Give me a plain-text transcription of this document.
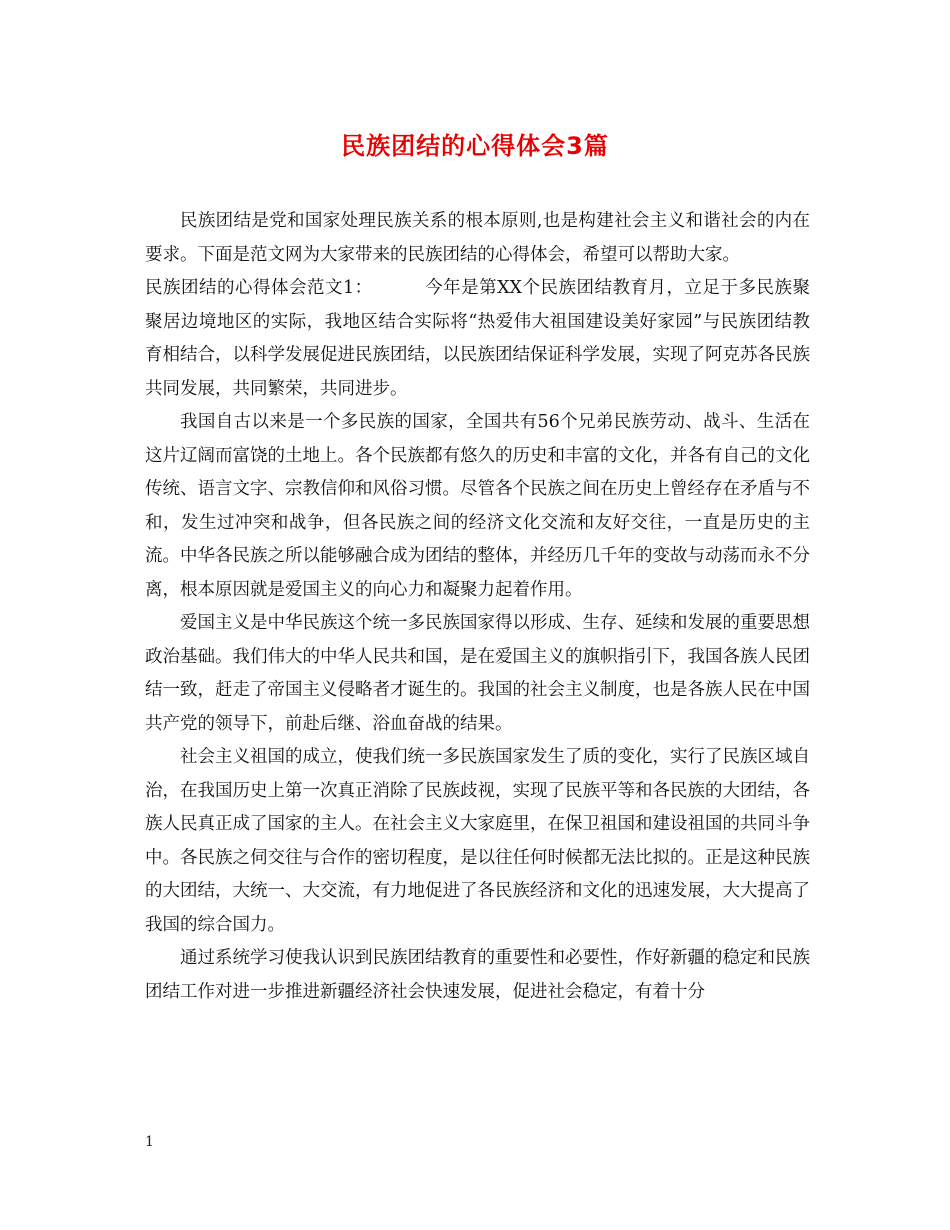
民族团结的心得体会3篇

民族团结是党和国家处理民族关系的根本原则,也是构建社会主义和谐社会的内在要求。下面是范文网为大家带来的民族团结的心得体会，希望可以帮助大家。

民族团结的心得体会范文1：	今年是第XX个民族团结教育月，立足于多民族聚聚居边境地区的实际，我地区结合实际将“热爱伟大祖国建设美好家园”与民族团结教育相结合，以科学发展促进民族团结，以民族团结保证科学发展，实现了阿克苏各民族共同发展，共同繁荣，共同进步。

我国自古以来是一个多民族的国家，全国共有56个兄弟民族劳动、战斗、生活在这片辽阔而富饶的土地上。各个民族都有悠久的历史和丰富的文化，并各有自己的文化传统、语言文字、宗教信仰和风俗习惯。尽管各个民族之间在历史上曾经存在矛盾与不和，发生过冲突和战争，但各民族之间的经济文化交流和友好交往，一直是历史的主流。中华各民族之所以能够融合成为团结的整体，并经历几千年的变故与动荡而永不分离，根本原因就是爱国主义的向心力和凝聚力起着作用。

爱国主义是中华民族这个统一多民族国家得以形成、生存、延续和发展的重要思想政治基础。我们伟大的中华人民共和国，是在爱国主义的旗帜指引下，我国各族人民团结一致，赶走了帝国主义侵略者才诞生的。我国的社会主义制度，也是各族人民在中国共产党的领导下，前赴后继、浴血奋战的结果。

社会主义祖国的成立，使我们统一多民族国家发生了质的变化，实行了民族区域自治，在我国历史上第一次真正消除了民族歧视，实现了民族平等和各民族的大团结，各族人民真正成了国家的主人。在社会主义大家庭里，在保卫祖国和建设祖国的共同斗争中。各民族之伺交往与合作的密切程度，是以往任何时候都无法比拟的。正是这种民族的大团结，大统一、大交流，有力地促进了各民族经济和文化的迅速发展，大大提高了我国的综合国力。

通过系统学习使我认识到民族团结教育的重要性和必要性，作好新疆的稳定和民族团结工作对进一步推进新疆经济社会快速发展，促进社会稳定，有着十分

1
